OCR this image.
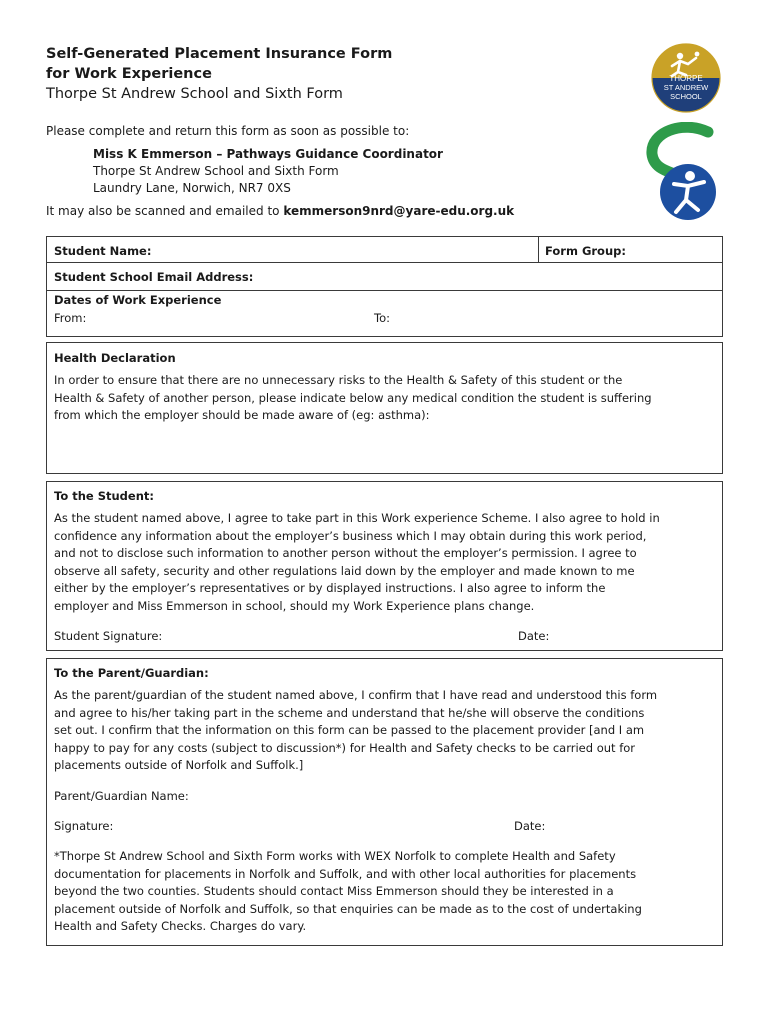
Self-Generated Placement Insurance Form
for Work Experience
Thorpe St Andrew School and Sixth Form
THORPE
ST ANDREW
SCHOOL
Please complete and return this form as soon as possible to:
Miss K Emmerson – Pathways Guidance Coordinator
Thorpe St Andrew School and Sixth Form
Laundry Lane, Norwich, NR7 0XS
It may also be scanned and emailed to kemmerson9nrd@yare-edu.org.uk
Student Name:	Form Group:
Student School Email Address:
Dates of Work Experience
From:	To:
Health Declaration
In order to ensure that there are no unnecessary risks to the Health & Safety of this student or the
Health & Safety of another person, please indicate below any medical condition the student is suffering
from which the employer should be made aware of (eg: asthma):
To the Student:
As the student named above, I agree to take part in this Work experience Scheme. I also agree to hold in
confidence any information about the employer’s business which I may obtain during this work period,
and not to disclose such information to another person without the employer’s permission. I agree to
observe all safety, security and other regulations laid down by the employer and made known to me
either by the employer’s representatives or by displayed instructions. I also agree to inform the
employer and Miss Emmerson in school, should my Work Experience plans change.
Student Signature:	Date:
To the Parent/Guardian:
As the parent/guardian of the student named above, I confirm that I have read and understood this form
and agree to his/her taking part in the scheme and understand that he/she will observe the conditions
set out. I confirm that the information on this form can be passed to the placement provider [and I am
happy to pay for any costs (subject to discussion*) for Health and Safety checks to be carried out for
placements outside of Norfolk and Suffolk.]
Parent/Guardian Name:
Signature:	Date:
*Thorpe St Andrew School and Sixth Form works with WEX Norfolk to complete Health and Safety
documentation for placements in Norfolk and Suffolk, and with other local authorities for placements
beyond the two counties. Students should contact Miss Emmerson should they be interested in a
placement outside of Norfolk and Suffolk, so that enquiries can be made as to the cost of undertaking
Health and Safety Checks. Charges do vary.
